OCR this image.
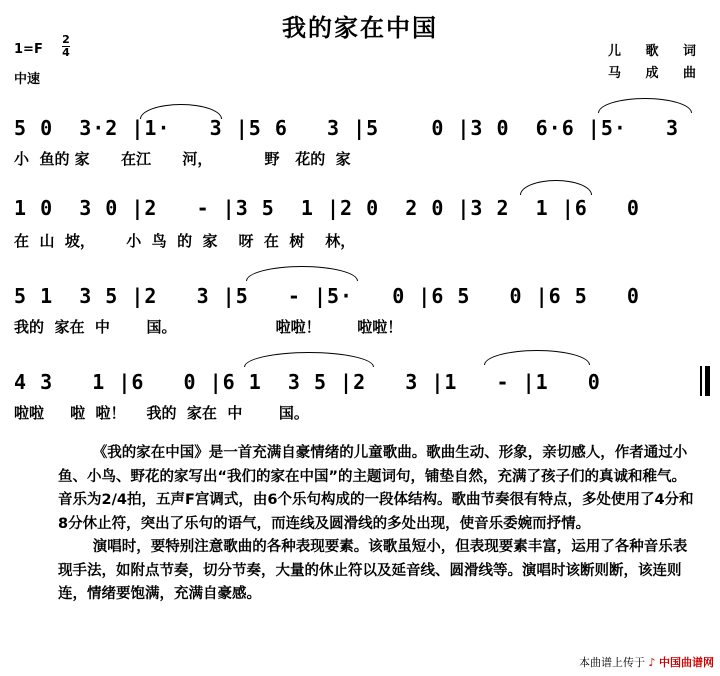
我的家在中国
1=F
2
4
中速
儿 歌 词
马 成 曲
5 0  3·2 |1·   3 |5 6   3 |5    0 |3 0  6·6 |5·   3
小  鱼的 家      在江      河，          野   花的  家
1 0  3 0 |2   - |3 5  1 |2 0  2 0 |3 2  1 |6   0
在  山  坡，      小  鸟  的  家    呀  在  树    林，
5 1  3 5 |2   3 |5   - |5·   0 |6 5   0 |6 5   0
我的  家在  中       国。                   啦啦！       啦啦！
4 3   1 |6   0 |6 1  3 5 |2   3 |1   - |1   0
啦啦     啦  啦！    我的  家在  中       国。

《我的家在中国》是一首充满自豪情绪的儿童歌曲。歌曲生动、形象，亲切感人，作者通过小鱼、小鸟、野花的家写出“我们的家在中国”的主题词句，铺垫自然，充满了孩子们的真诚和稚气。音乐为2/4拍，五声F宫调式，由6个乐句构成的一段体结构。歌曲节奏很有特点，多处使用了4分和8分休止符，突出了乐句的语气，而连线及圆滑线的多处出现，使音乐委婉而抒情。

演唱时，要特别注意歌曲的各种表现要素。该歌虽短小，但表现要素丰富，运用了各种音乐表现手法，如附点节奏，切分节奏，大量的休止符以及延音线、圆滑线等。演唱时该断则断，该连则连，情绪要饱满，充满自豪感。

本曲谱上传于 ♪ 中国曲谱网
